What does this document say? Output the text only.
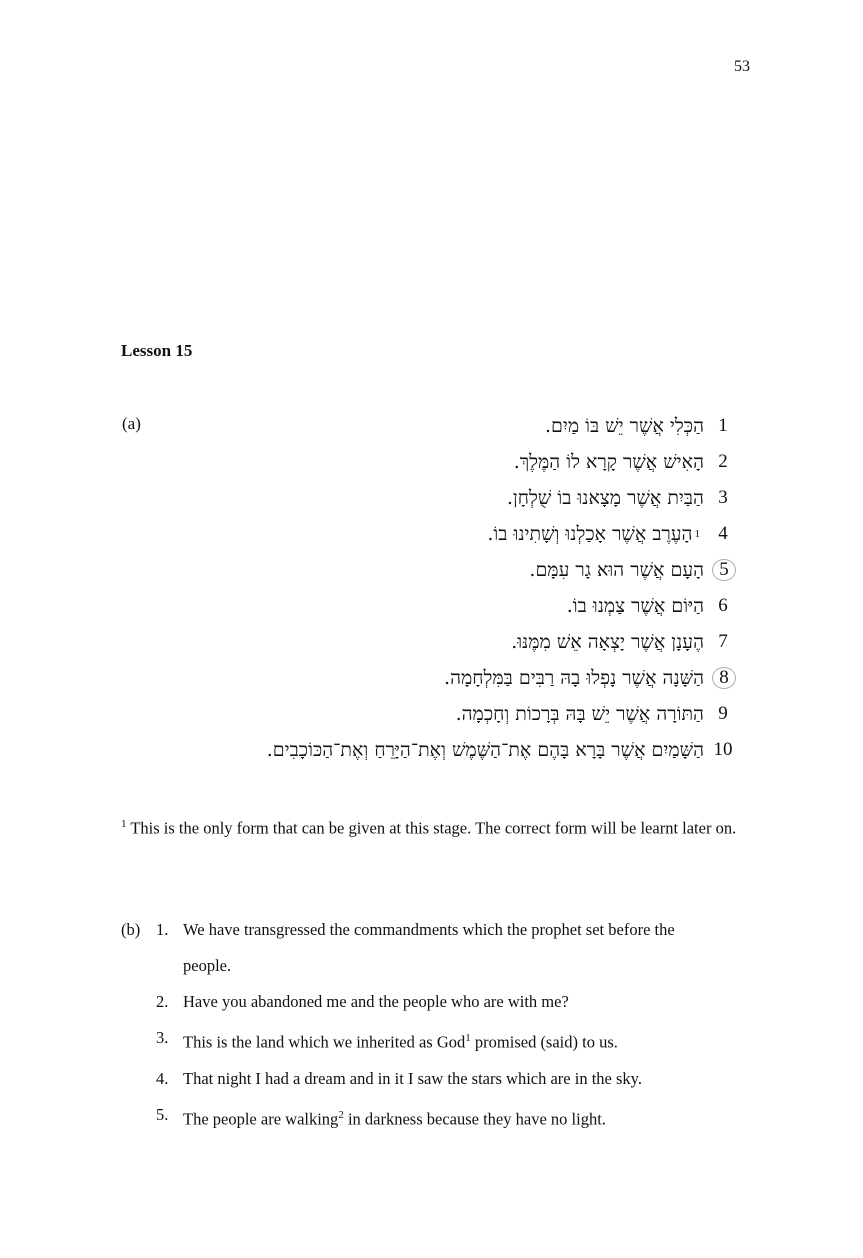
53
Lesson 15
(a)	הַכְּלִי אֲשֶׁר יֵשׁ בּוֹ מַיִם. 1
הָאִישׁ אֲשֶׁר קָרָא לוֹ הַמֶּלֶךְ. 2
הַבַּיִת אֲשֶׁר מָצָאנוּ בוֹ שֻׁלְחָן. 3
הָעֶרֶב אֲשֶׁר אָכַלְנוּ וְשָׁתִינוּ בוֹ. 1 4
הָעָם אֲשֶׁר הוּא גָר עִמָּם. 5
הַיּוֹם אֲשֶׁר צַמְנוּ בוֹ. 6
הֶעָנָן אֲשֶׁר יָצְאָה אֵשׁ מִמֶּנּוּ. 7
הַשָּׁנָה אֲשֶׁר נָפְלוּ בָהּ רַבִּים בַּמִּלְחָמָה. 8
הַתּוֹרָה אֲשֶׁר יֵשׁ בָּהּ בְּרָכוֹת וְחָכְמָה. 9
הַשָּׁמַיִם אֲשֶׁר בָּרָא בָּהֶם אֶת־הַשֶּׁמֶשׁ וְאֶת־הַיָּרֵחַ וְאֶת־הַכּוֹכָבִים. 10
$^1$ This is the only form that can be given at this stage. The correct form will be learnt later on.
(b) 1. We have transgressed the commandments which the prophet set before the
people.
2. Have you abandoned me and the people who are with me?
3. This is the land which we inherited as God$^1$ promised (said) to us.
4. That night I had a dream and in it I saw the stars which are in the sky.
5. The people are walking$^2$ in darkness because they have no light.
